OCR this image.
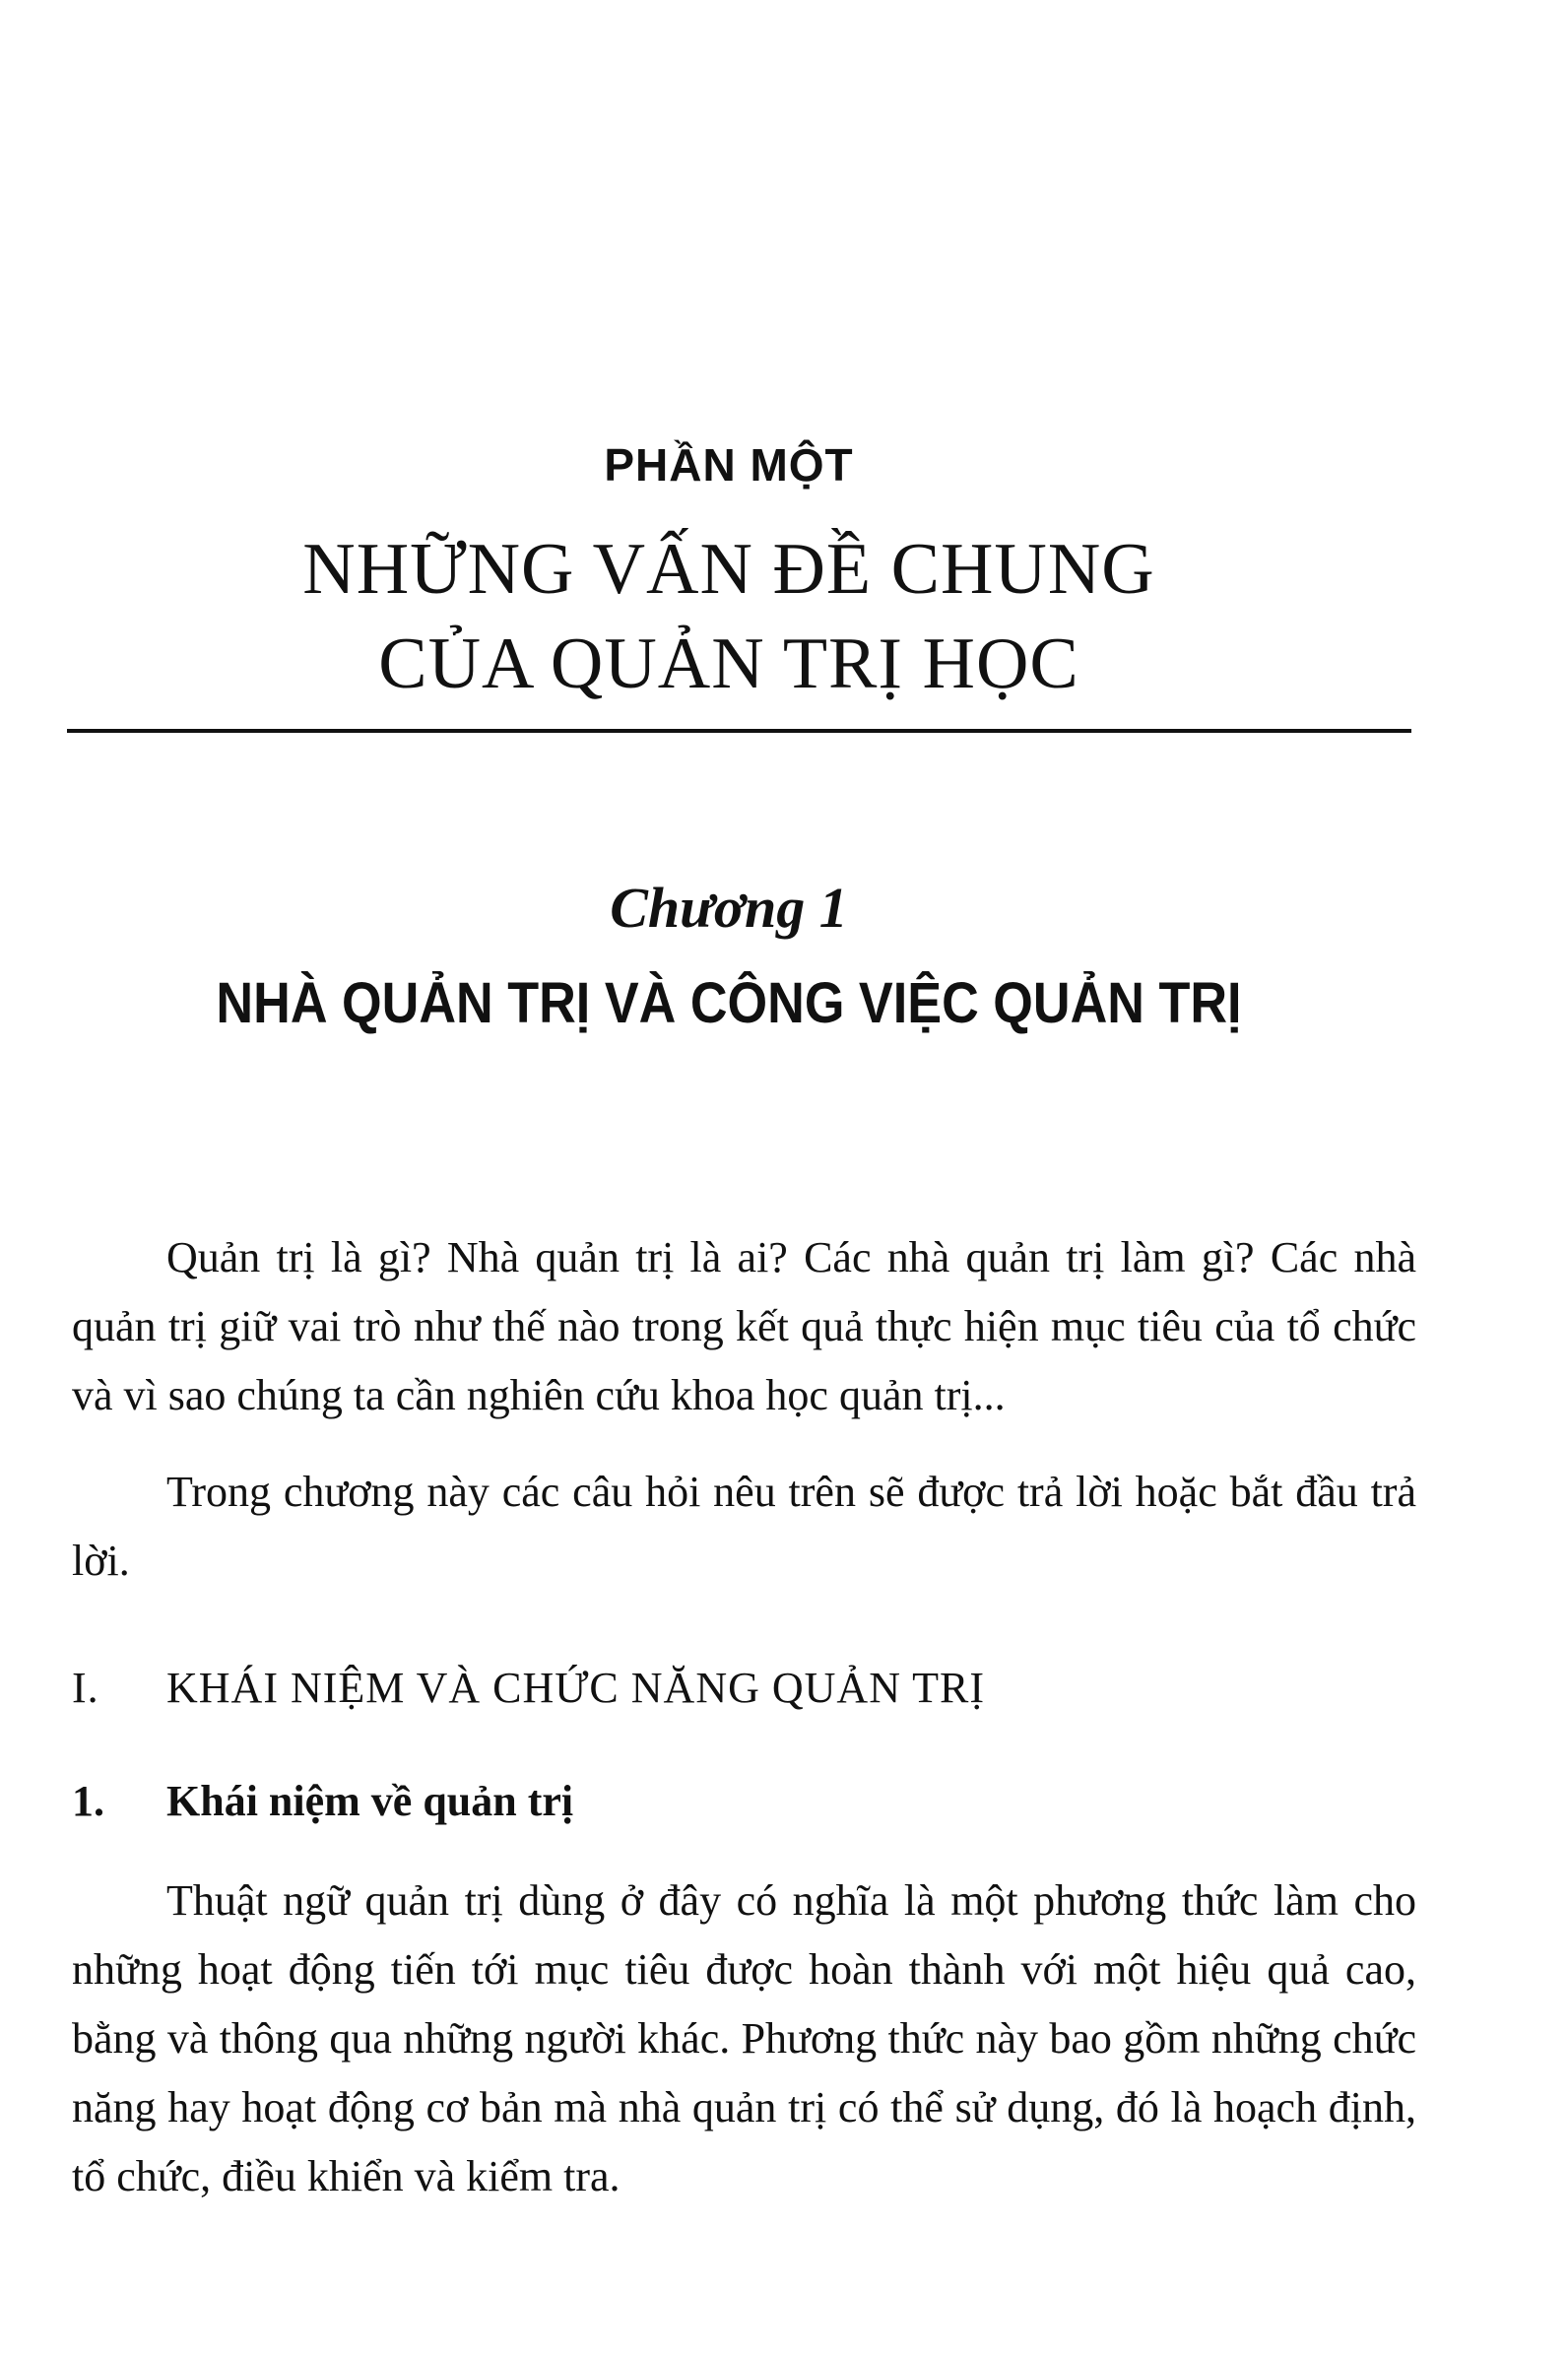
PHẦN MỘT
NHỮNG VẤN ĐỀ CHUNG
CỦA QUẢN TRỊ HỌC
Chương 1
NHÀ QUẢN TRỊ VÀ CÔNG VIỆC QUẢN TRỊ

Quản trị là gì? Nhà quản trị là ai? Các nhà quản trị làm gì? Các nhà quản trị giữ vai trò như thế nào trong kết quả thực hiện mục tiêu của tổ chức và vì sao chúng ta cần nghiên cứu khoa học quản trị...

Trong chương này các câu hỏi nêu trên sẽ được trả lời hoặc bắt đầu trả lời.

I. KHÁI NIỆM VÀ CHỨC NĂNG QUẢN TRỊ
1. Khái niệm về quản trị

Thuật ngữ quản trị dùng ở đây có nghĩa là một phương thức làm cho những hoạt động tiến tới mục tiêu được hoàn thành với một hiệu quả cao, bằng và thông qua những người khác. Phương thức này bao gồm những chức năng hay hoạt động cơ bản mà nhà quản trị có thể sử dụng, đó là hoạch định, tổ chức, điều khiển và kiểm tra.
